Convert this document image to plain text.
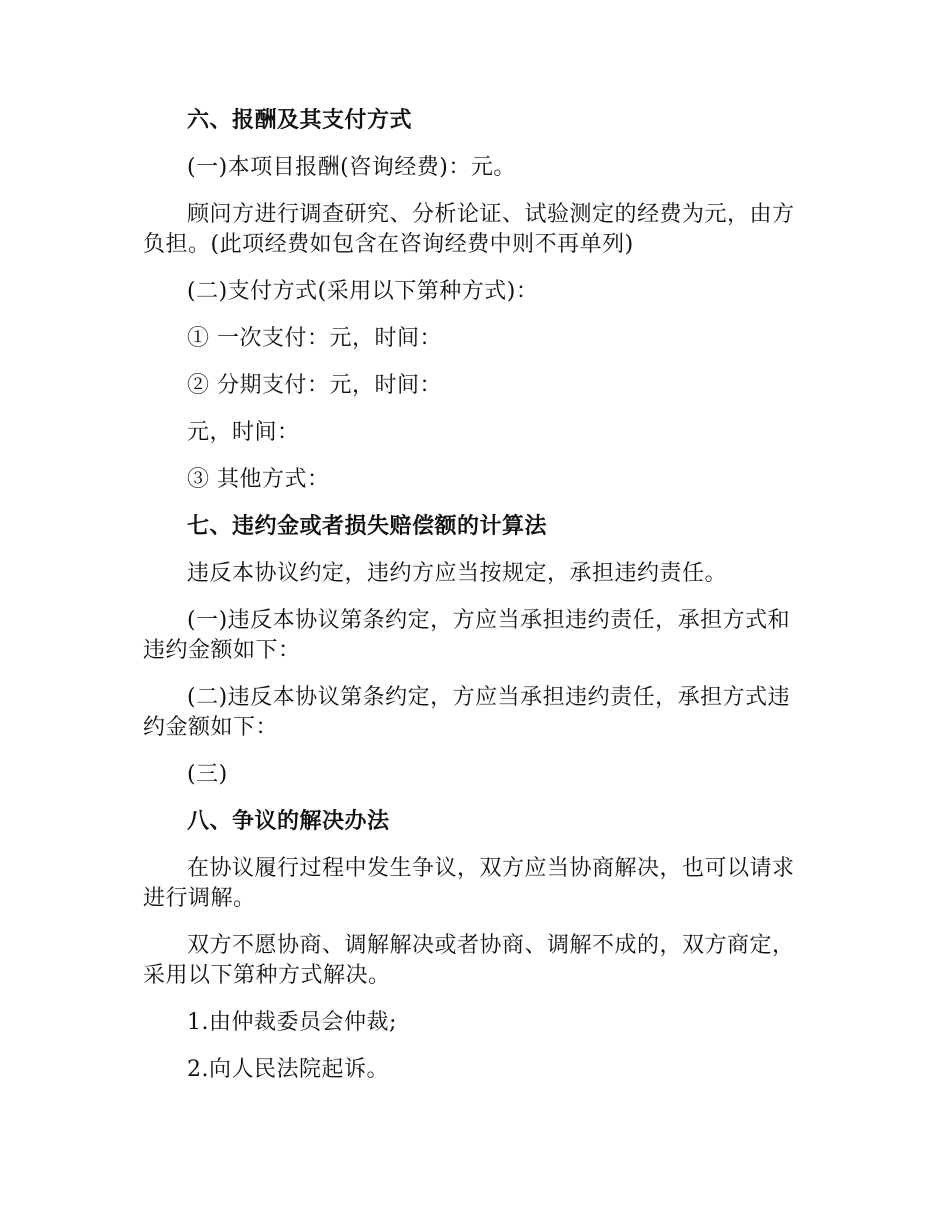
六、报酬及其支付方式

(一)本项目报酬(咨询经费)：元。

顾问方进行调查研究、分析论证、试验测定的经费为元，由方负担。(此项经费如包含在咨询经费中则不再单列)

(二)支付方式(采用以下第种方式)：

① 一次支付：元，时间：

② 分期支付：元，时间：

元，时间：

③ 其他方式：

七、违约金或者损失赔偿额的计算法

违反本协议约定，违约方应当按规定，承担违约责任。

(一)违反本协议第条约定，方应当承担违约责任，承担方式和违约金额如下：

(二)违反本协议第条约定，方应当承担违约责任，承担方式违约金额如下：

(三)

八、争议的解决办法

在协议履行过程中发生争议，双方应当协商解决，也可以请求进行调解。

双方不愿协商、调解解决或者协商、调解不成的，双方商定，采用以下第种方式解决。

1.由仲裁委员会仲裁;

2.向人民法院起诉。
